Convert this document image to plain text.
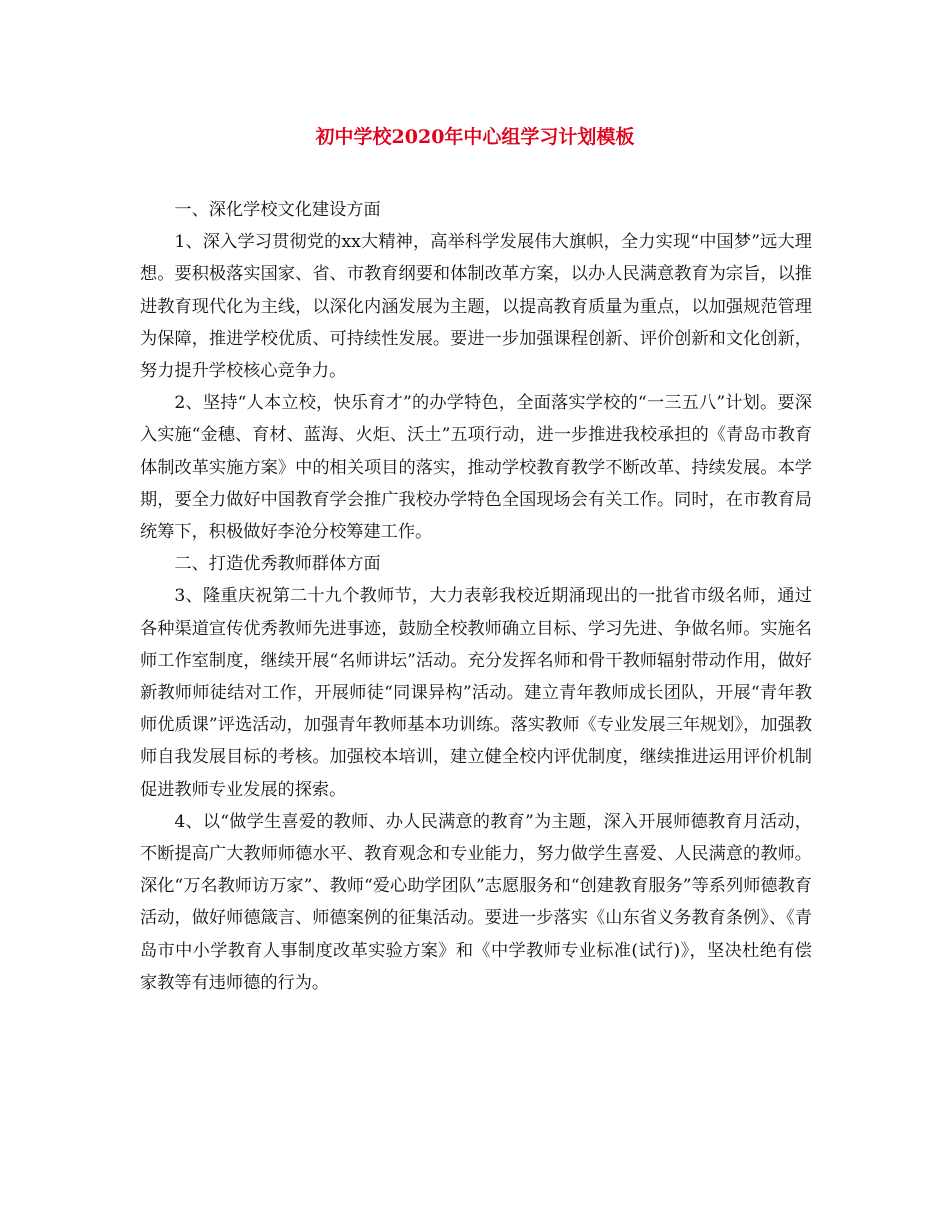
初中学校2020年中心组学习计划模板

一、深化学校文化建设方面

1、深入学习贯彻党的xx大精神，高举科学发展伟大旗帜，全力实现“中国梦”远大理想。要积极落实国家、省、市教育纲要和体制改革方案，以办人民满意教育为宗旨，以推进教育现代化为主线，以深化内涵发展为主题，以提高教育质量为重点，以加强规范管理为保障，推进学校优质、可持续性发展。要进一步加强课程创新、评价创新和文化创新，努力提升学校核心竞争力。

2、坚持“人本立校，快乐育才”的办学特色，全面落实学校的“一三五八”计划。要深入实施“金穗、育材、蓝海、火炬、沃土”五项行动，进一步推进我校承担的《青岛市教育体制改革实施方案》中的相关项目的落实，推动学校教育教学不断改革、持续发展。本学期，要全力做好中国教育学会推广我校办学特色全国现场会有关工作。同时，在市教育局统筹下，积极做好李沧分校筹建工作。

二、打造优秀教师群体方面

3、隆重庆祝第二十九个教师节，大力表彰我校近期涌现出的一批省市级名师，通过各种渠道宣传优秀教师先进事迹，鼓励全校教师确立目标、学习先进、争做名师。实施名师工作室制度，继续开展“名师讲坛”活动。充分发挥名师和骨干教师辐射带动作用，做好新教师师徒结对工作，开展师徒“同课异构”活动。建立青年教师成长团队，开展“青年教师优质课”评选活动，加强青年教师基本功训练。落实教师《专业发展三年规划》，加强教师自我发展目标的考核。加强校本培训，建立健全校内评优制度，继续推进运用评价机制促进教师专业发展的探索。

4、以“做学生喜爱的教师、办人民满意的教育”为主题，深入开展师德教育月活动，不断提高广大教师师德水平、教育观念和专业能力，努力做学生喜爱、人民满意的教师。深化“万名教师访万家”、教师“爱心助学团队”志愿服务和“创建教育服务”等系列师德教育活动，做好师德箴言、师德案例的征集活动。要进一步落实《山东省义务教育条例》、《青岛市中小学教育人事制度改革实验方案》和《中学教师专业标准(试行)》，坚决杜绝有偿家教等有违师德的行为。
